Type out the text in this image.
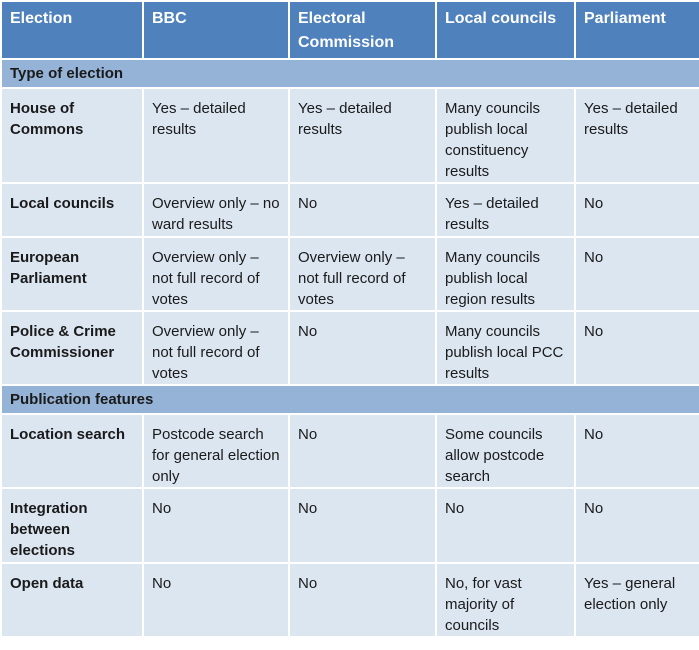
Election	BBC	Electoral Commission	Local councils	Parliament
Type of election				
House of Commons	Yes – detailed results	Yes – detailed results	Many councils publish local constituency results	Yes – detailed results
Local councils	Overview only – no ward results	No	Yes – detailed results	No
European Parliament	Overview only – not full record of votes	Overview only – not full record of votes	Many councils publish local region results	No
Police & Crime Commissioner	Overview only – not full record of votes	No	Many councils publish local PCC results	No
Publication features				
Location search	Postcode search for general election only	No	Some councils allow postcode search	No
Integration between elections	No	No	No	No
Open data	No	No	No, for vast majority of councils	Yes – general election only
